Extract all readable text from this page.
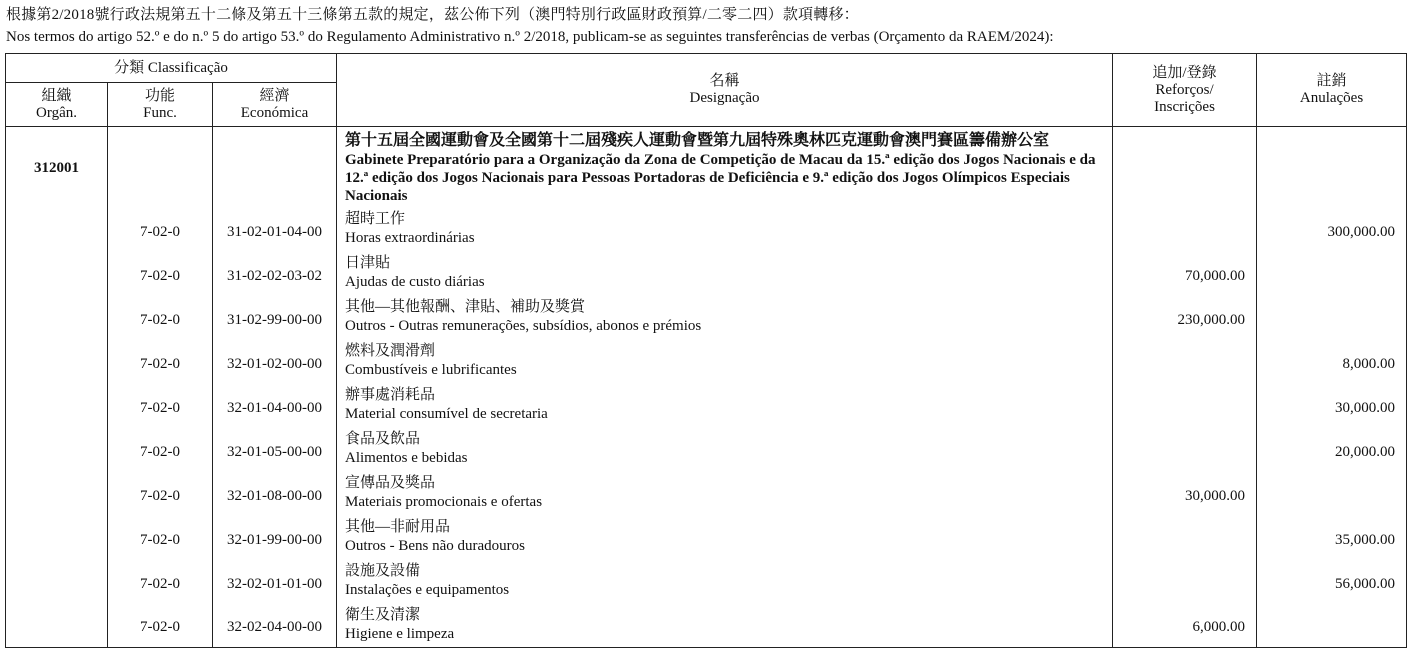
根據第2/2018號行政法規第五十二條及第五十三條第五款的規定，茲公佈下列（澳門特別行政區財政預算/二零二四）款項轉移：
Nos termos do artigo 52.º e do n.º 5 do artigo 53.º do Regulamento Administrativo n.º 2/2018, publicam-se as seguintes transferências de verbas (Orçamento da RAEM/2024):
分類 Classificação			名稱
Designação	追加/登錄
Reforços/
Inscrições	註銷
Anulações
組織
Orgân.	功能
Func.	經濟
Económica			
312001			第十五屆全國運動會及全國第十二屆殘疾人運動會暨第九屆特殊奧林匹克運動會澳門賽區籌備辦公室
Gabinete Preparatório para a Organização da Zona de Competição de Macau da 15.ª edição dos Jogos Nacionais e da 12.ª edição dos Jogos Nacionais para Pessoas Portadoras de Deficiência e 9.ª edição dos Jogos Olímpicos Especiais Nacionais		

	7-02-0	31-02-01-04-00	超時工作
Horas extraordinárias		300,000.00
	7-02-0	31-02-02-03-02	日津貼
Ajudas de custo diárias	70,000.00	
	7-02-0	31-02-99-00-00	其他—其他報酬、津貼、補助及獎賞
Outros - Outras remunerações, subsídios, abonos e prémios	230,000.00	
	7-02-0	32-01-02-00-00	燃料及潤滑劑
Combustíveis e lubrificantes		8,000.00
	7-02-0	32-01-04-00-00	辦事處消耗品
Material consumível de secretaria		30,000.00
	7-02-0	32-01-05-00-00	食品及飲品
Alimentos e bebidas		20,000.00
	7-02-0	32-01-08-00-00	宣傳品及獎品
Materiais promocionais e ofertas	30,000.00	
	7-02-0	32-01-99-00-00	其他—非耐用品
Outros - Bens não duradouros		35,000.00
	7-02-0	32-02-01-01-00	設施及設備
Instalações e equipamentos		56,000.00
	7-02-0	32-02-04-00-00	衛生及清潔
Higiene e limpeza	6,000.00	
